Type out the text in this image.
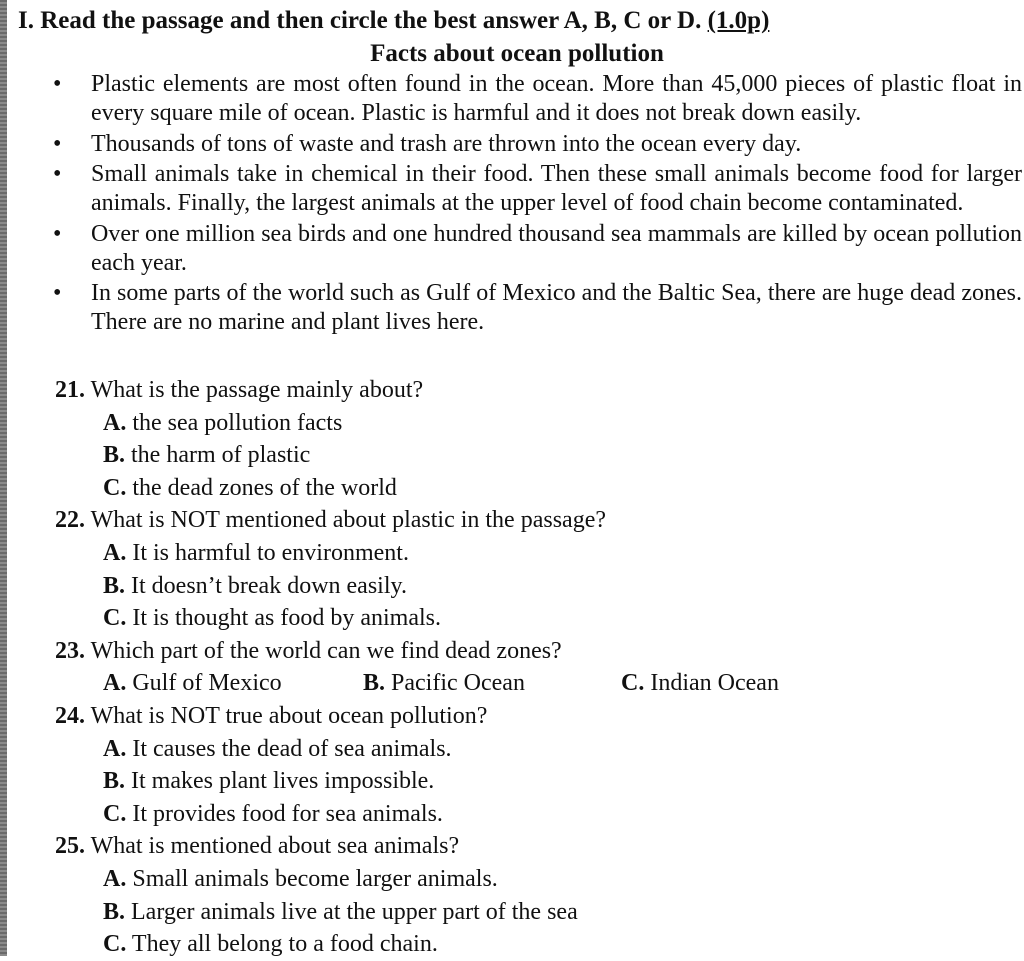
I. Read the passage and then circle the best answer A, B, C or D. (1.0p)
Facts about ocean pollution
• Plastic elements are most often found in the ocean. More than 45,000 pieces of plastic float in every square mile of ocean. Plastic is harmful and it does not break down easily.
• Thousands of tons of waste and trash are thrown into the ocean every day.
• Small animals take in chemical in their food. Then these small animals become food for larger animals. Finally, the largest animals at the upper level of food chain become contaminated.
• Over one million sea birds and one hundred thousand sea mammals are killed by ocean pollution each year.
• In some parts of the world such as Gulf of Mexico and the Baltic Sea, there are huge dead zones. There are no marine and plant lives here.
21. What is the passage mainly about?
A. the sea pollution facts
B. the harm of plastic
C. the dead zones of the world
22. What is NOT mentioned about plastic in the passage?
A. It is harmful to environment.
B. It doesn’t break down easily.
C. It is thought as food by animals.
23. Which part of the world can we find dead zones?
A. Gulf of Mexico	B. Pacific Ocean	C. Indian Ocean
24. What is NOT true about ocean pollution?
A. It causes the dead of sea animals.
B. It makes plant lives impossible.
C. It provides food for sea animals.
25. What is mentioned about sea animals?
A. Small animals become larger animals.
B. Larger animals live at the upper part of the sea
C. They all belong to a food chain.
